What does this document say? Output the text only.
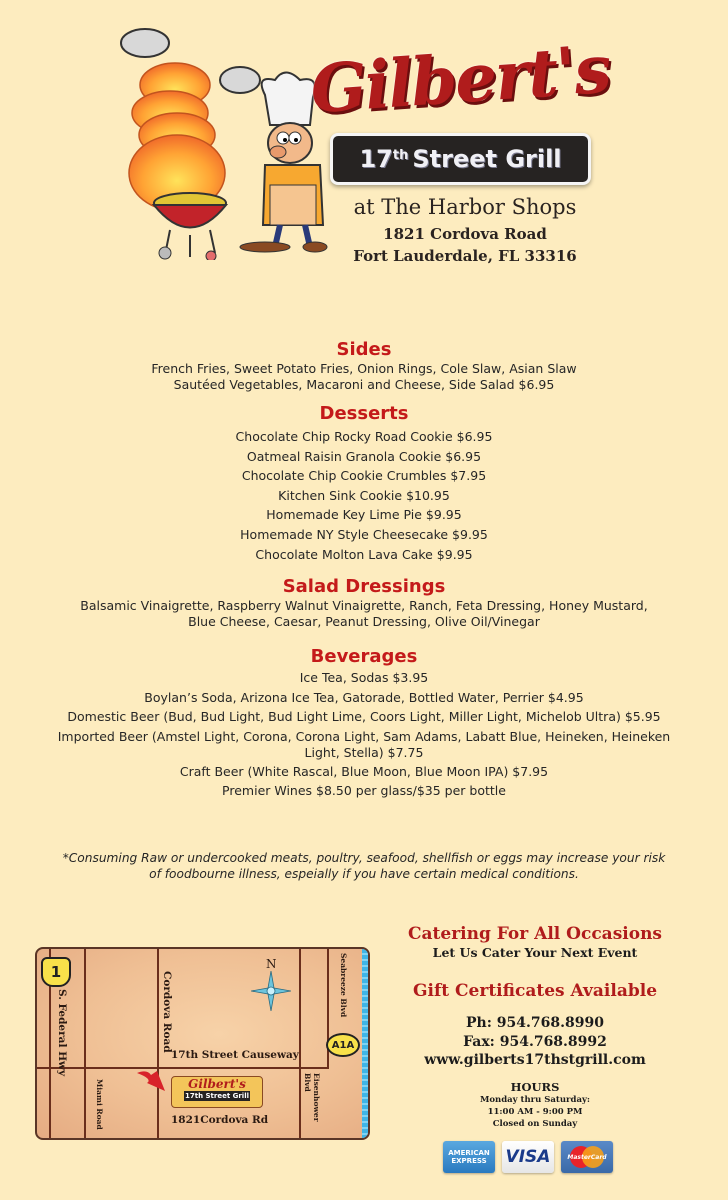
Gilbert's
17th Street Grill
at The Harbor Shops
1821 Cordova Road
Fort Lauderdale, FL 33316
Sides

French Fries, Sweet Potato Fries, Onion Rings, Cole Slaw, Asian Slaw

Sautéed Vegetables, Macaroni and Cheese, Side Salad $6.95

Desserts

Chocolate Chip Rocky Road Cookie $6.95

Oatmeal Raisin Granola Cookie $6.95

Chocolate Chip Cookie Crumbles $7.95

Kitchen Sink Cookie $10.95

Homemade Key Lime Pie $9.95

Homemade NY Style Cheesecake $9.95

Chocolate Molton Lava Cake $9.95

Salad Dressings

Balsamic Vinaigrette, Raspberry Walnut Vinaigrette, Ranch, Feta Dressing, Honey Mustard,

Blue Cheese, Caesar, Peanut Dressing, Olive Oil/Vinegar

Beverages

Ice Tea, Sodas $3.95

Boylan’s Soda, Arizona Ice Tea, Gatorade, Bottled Water, Perrier $4.95

Domestic Beer (Bud, Bud Light, Bud Light Lime, Coors Light, Miller Light, Michelob Ultra) $5.95

Imported Beer (Amstel Light, Corona, Corona Light, Sam Adams, Labatt Blue, Heineken, Heineken

Light, Stella) $7.75

Craft Beer (White Rascal, Blue Moon, Blue Moon IPA) $7.95

Premier Wines $8.50 per glass/$35 per bottle

*Consuming Raw or undercooked meats, poultry, seafood, shellfish or eggs may increase your risk
of foodbourne illness, espeially if you have certain medical conditions.
1
A1A
S. Federal Hwy	Cordova Road
17th Street Causeway
Seabreeze Blvd
Miami Road	Eisenhower Blvd
1821Cordova Rd
N
Gilbert's
17th Street Grill
Catering For All Occasions
Let Us Cater Your Next Event
Gift Certificates Available
Ph: 954.768.8990
Fax: 954.768.8992
www.gilberts17thstgrill.com
HOURS
Monday thru Saturday:
11:00 AM - 9:00 PM
Closed on Sunday
AMERICAN
EXPRESS VISA	MasterCard
